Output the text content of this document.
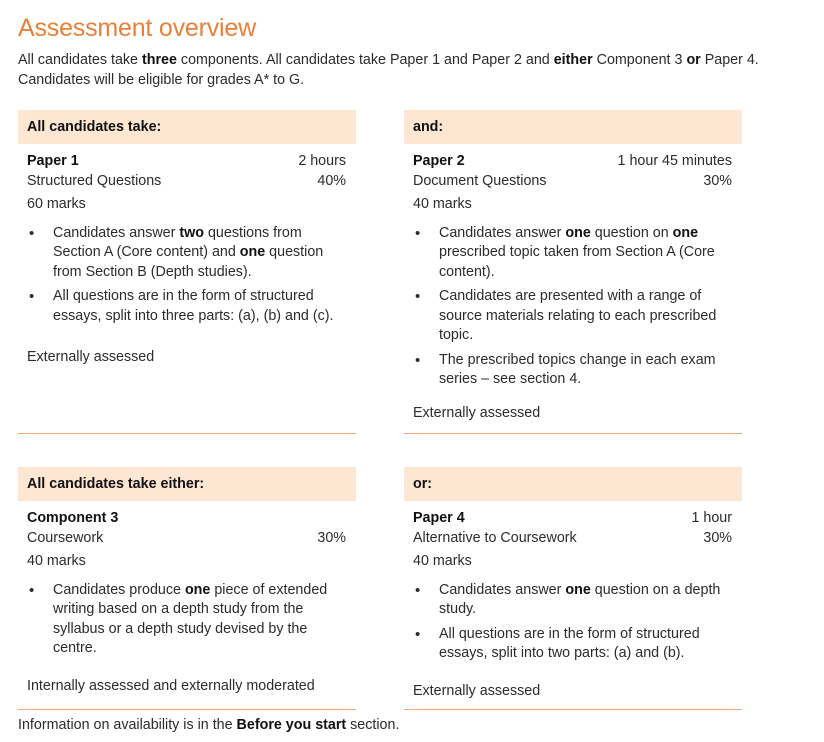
Assessment overview

All candidates take three components. All candidates take Paper 1 and Paper 2 and either Component 3 or Paper 4. Candidates will be eligible for grades A* to G.

All candidates take:
Paper 1	2 hours
Structured Questions	40%
60 marks
• Candidates answer two questions from Section A (Core content) and one question from Section B (Depth studies).
• All questions are in the form of structured essays, split into three parts: (a), (b) and (c).
Externally assessed
and:
Paper 2	1 hour 45 minutes
Document Questions	30%
40 marks
• Candidates answer one question on one prescribed topic taken from Section A (Core content).
• Candidates are presented with a range of source materials relating to each prescribed topic.
• The prescribed topics change in each exam series – see section 4.
Externally assessed
All candidates take either:
Component 3
Coursework	30%
40 marks
• Candidates produce one piece of extended writing based on a depth study from the syllabus or a depth study devised by the centre.
Internally assessed and externally moderated
or:
Paper 4	1 hour
Alternative to Coursework	30%
40 marks
• Candidates answer one question on a depth study.
• All questions are in the form of structured essays, split into two parts: (a) and (b).
Externally assessed

Information on availability is in the Before you start section.
